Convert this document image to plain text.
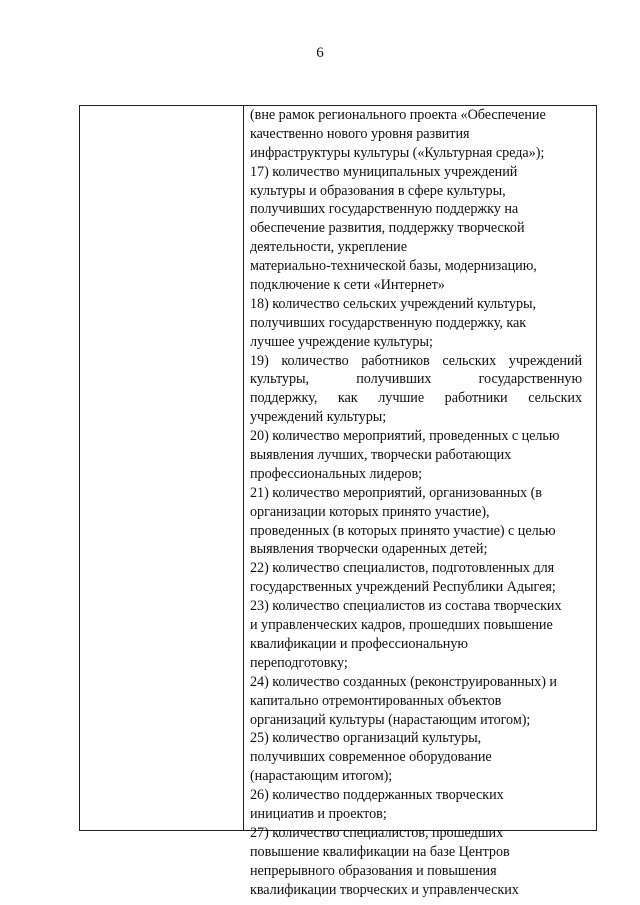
6
(вне рамок регионального проекта «Обеспечение
качественно нового уровня развития
инфраструктуры культуры («Культурная среда»);
17) количество муниципальных учреждений
культуры и образования в сфере культуры,
получивших государственную поддержку на
обеспечение развития, поддержку творческой
деятельности, укрепление
материально-технической базы, модернизацию,
подключение к сети «Интернет»
18) количество сельских учреждений культуры,
получивших государственную поддержку, как
лучшее учреждение культуры;
19) количество работников сельских учреждений
культуры, получивших государственную
поддержку, как лучшие работники сельских
учреждений культуры;
20) количество мероприятий, проведенных с целью
выявления лучших, творчески работающих
профессиональных лидеров;
21) количество мероприятий, организованных (в
организации которых принято участие),
проведенных (в которых принято участие) с целью
выявления творчески одаренных детей;
22) количество специалистов, подготовленных для
государственных учреждений Республики Адыгея;
23) количество специалистов из состава творческих
и управленческих кадров, прошедших повышение
квалификации и профессиональную
переподготовку;
24) количество созданных (реконструированных) и
капитально отремонтированных объектов
организаций культуры (нарастающим итогом);
25) количество организаций культуры,
получивших современное оборудование
(нарастающим итогом);
26) количество поддержанных творческих
инициатив и проектов;
27) количество специалистов, прошедших
повышение квалификации на базе Центров
непрерывного образования и повышения
квалификации творческих и управленческих
